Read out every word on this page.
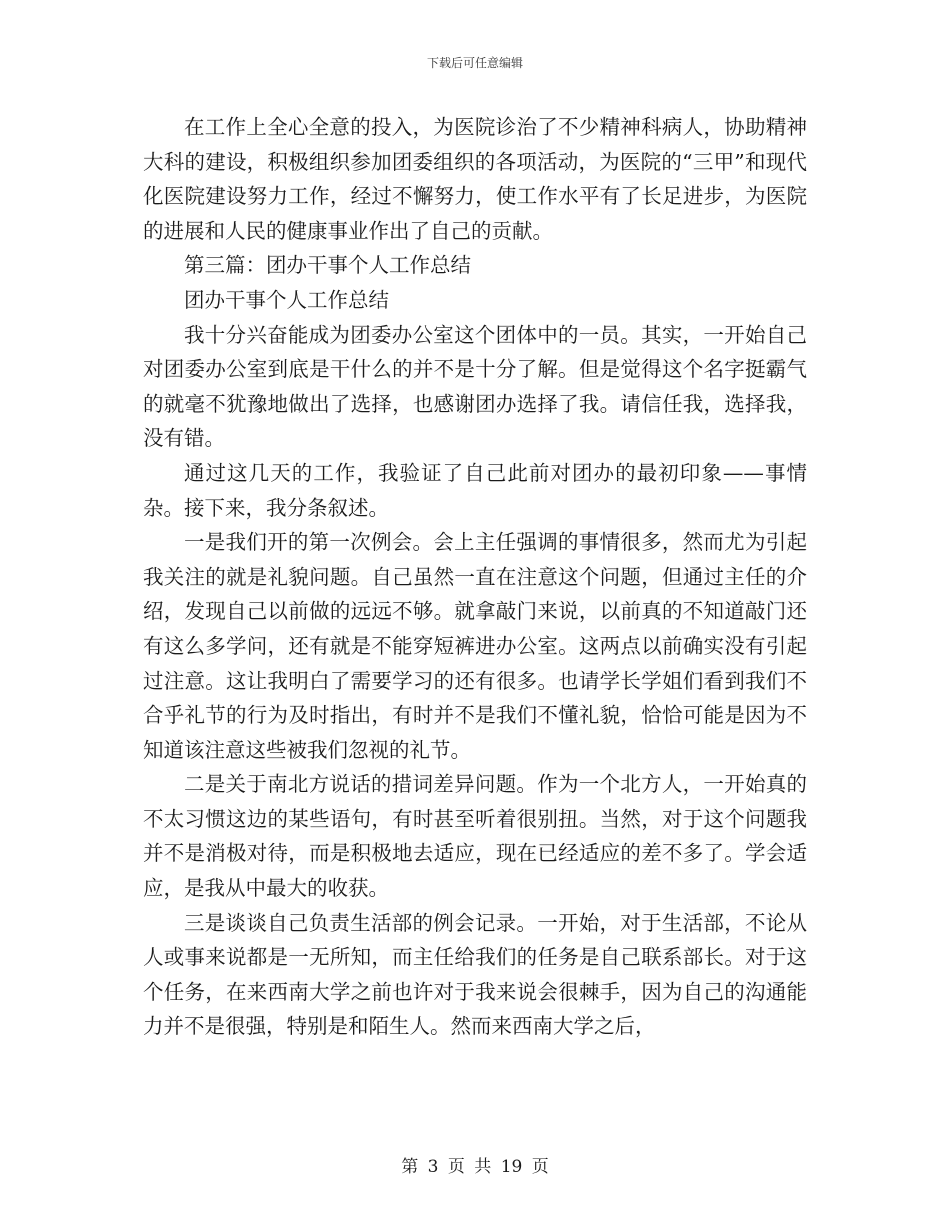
下载后可任意编辑

在工作上全心全意的投入，为医院诊治了不少精神科病人，协助精神大科的建设，积极组织参加团委组织的各项活动，为医院的“三甲”和现代化医院建设努力工作，经过不懈努力，使工作水平有了长足进步，为医院的进展和人民的健康事业作出了自己的贡献。

第三篇：团办干事个人工作总结

团办干事个人工作总结

我十分兴奋能成为团委办公室这个团体中的一员。其实，一开始自己对团委办公室到底是干什么的并不是十分了解。但是觉得这个名字挺霸气的就毫不犹豫地做出了选择，也感谢团办选择了我。请信任我，选择我，没有错。

通过这几天的工作，我验证了自己此前对团办的最初印象——事情杂。接下来，我分条叙述。

一是我们开的第一次例会。会上主任强调的事情很多，然而尤为引起我关注的就是礼貌问题。自己虽然一直在注意这个问题，但通过主任的介绍，发现自己以前做的远远不够。就拿敲门来说，以前真的不知道敲门还有这么多学问，还有就是不能穿短裤进办公室。这两点以前确实没有引起过注意。这让我明白了需要学习的还有很多。也请学长学姐们看到我们不合乎礼节的行为及时指出，有时并不是我们不懂礼貌，恰恰可能是因为不知道该注意这些被我们忽视的礼节。

二是关于南北方说话的措词差异问题。作为一个北方人，一开始真的不太习惯这边的某些语句，有时甚至听着很别扭。当然，对于这个问题我并不是消极对待，而是积极地去适应，现在已经适应的差不多了。学会适应，是我从中最大的收获。

三是谈谈自己负责生活部的例会记录。一开始，对于生活部，不论从人或事来说都是一无所知，而主任给我们的任务是自己联系部长。对于这个任务，在来西南大学之前也许对于我来说会很棘手，因为自己的沟通能力并不是很强，特别是和陌生人。然而来西南大学之后，

第 3 页 共 19 页
